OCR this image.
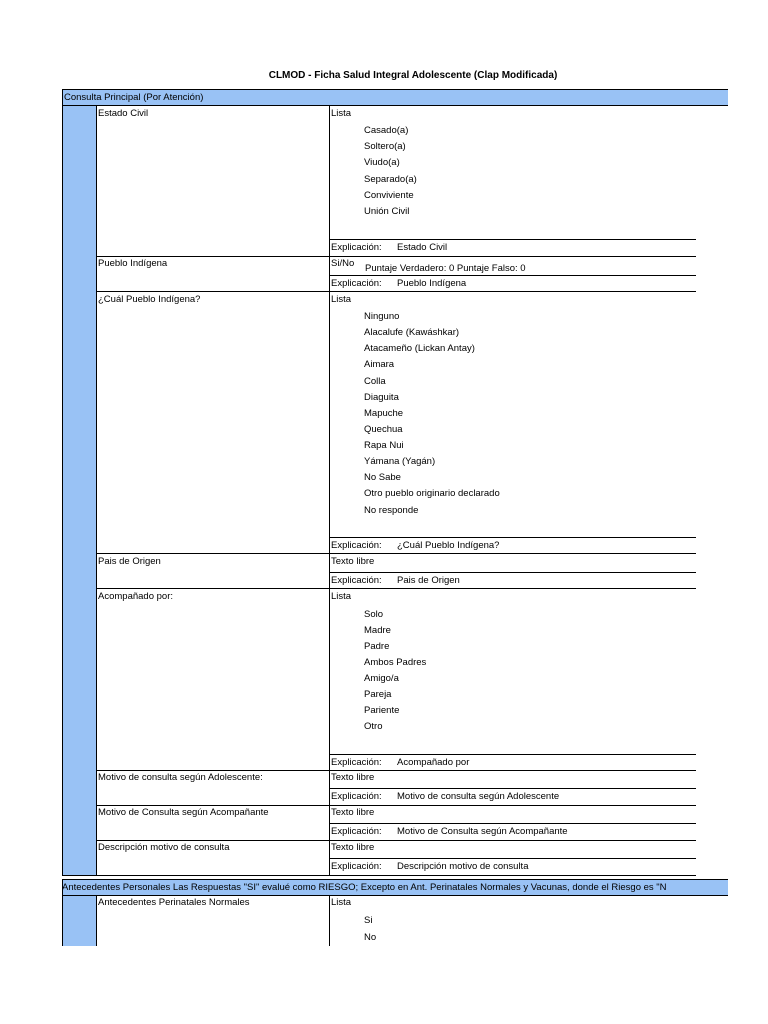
CLMOD - Ficha Salud Integral Adolescente (Clap Modificada)
Consulta Principal (Por Atención)
Estado Civil	Lista
Casado(a)
Soltero(a)
Viudo(a)
Separado(a)
Conviviente
Unión Civil
Explicación: Estado Civil
Pueblo Indígena	Si/No Puntaje Verdadero: 0 Puntaje Falso: 0
Explicación: Pueblo Indígena
¿Cuál Pueblo Indígena?	Lista
Ninguno
Alacalufe (Kawáshkar)
Atacameño (Lickan Antay)
Aimara
Colla
Diaguita
Mapuche
Quechua
Rapa Nui
Yámana (Yagán)
No Sabe
Otro pueblo originario declarado
No responde
Explicación: ¿Cuál Pueblo Indígena?
Pais de Origen	Texto libre
Explicación: Pais de Origen
Acompañado por:	Lista
Solo
Madre
Padre
Ambos Padres
Amigo/a
Pareja
Pariente
Otro
Explicación: Acompañado por
Motivo de consulta según Adolescente:	Texto libre
Explicación: Motivo de consulta según Adolescente
Motivo de Consulta según Acompañante	Texto libre
Explicación: Motivo de Consulta según Acompañante
Descripción motivo de consulta	Texto libre
Explicación: Descripción motivo de consulta
Antecedentes Personales Las Respuestas "SI" evalué como RIESGO; Excepto en Ant. Perinatales Normales y Vacunas, donde el Riesgo es "N
Antecedentes Perinatales Normales	Lista
Si
No
